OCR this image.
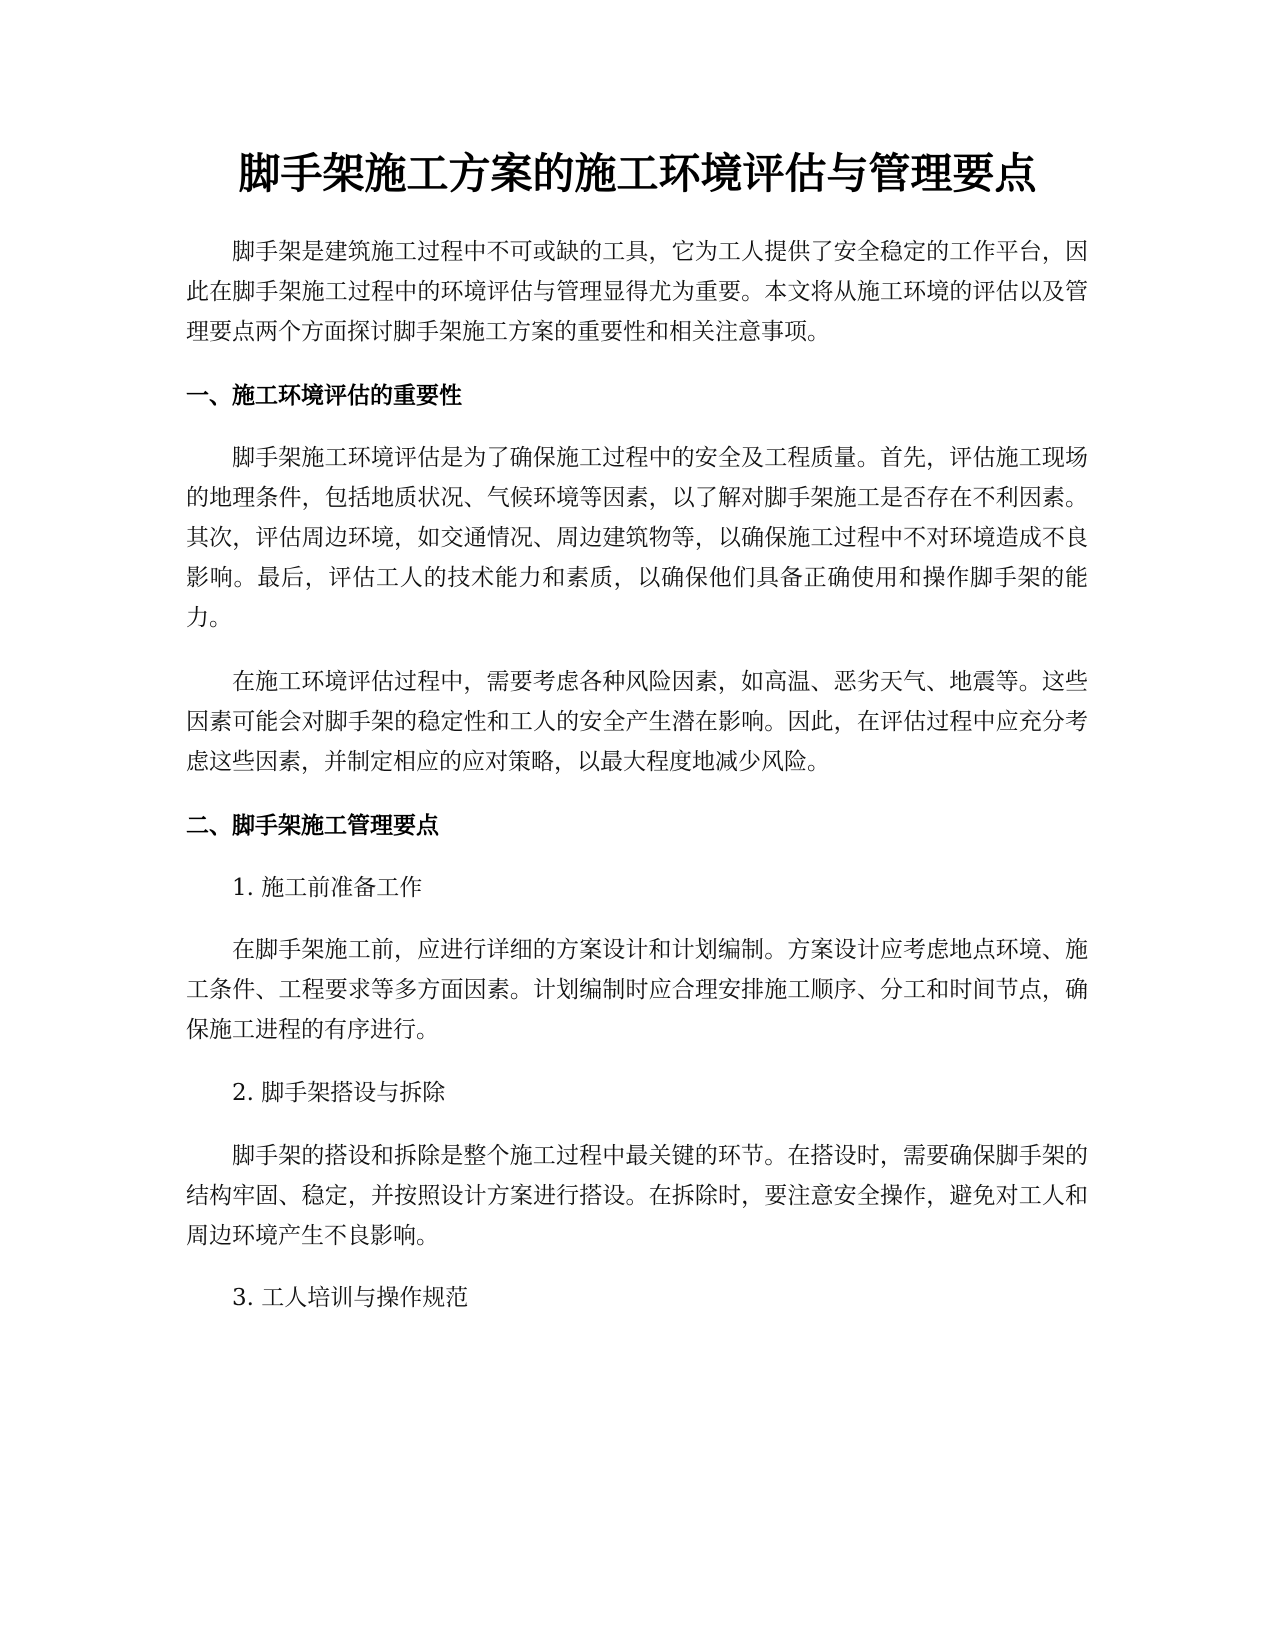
脚手架施工方案的施工环境评估与管理要点

脚手架是建筑施工过程中不可或缺的工具，它为工人提供了安全稳定的工作平台，因此在脚手架施工过程中的环境评估与管理显得尤为重要。本文将从施工环境的评估以及管理要点两个方面探讨脚手架施工方案的重要性和相关注意事项。

一、施工环境评估的重要性

脚手架施工环境评估是为了确保施工过程中的安全及工程质量。首先，评估施工现场的地理条件，包括地质状况、气候环境等因素，以了解对脚手架施工是否存在不利因素。其次，评估周边环境，如交通情况、周边建筑物等，以确保施工过程中不对环境造成不良影响。最后，评估工人的技术能力和素质，以确保他们具备正确使用和操作脚手架的能力。

在施工环境评估过程中，需要考虑各种风险因素，如高温、恶劣天气、地震等。这些因素可能会对脚手架的稳定性和工人的安全产生潜在影响。因此，在评估过程中应充分考虑这些因素，并制定相应的应对策略，以最大程度地减少风险。

二、脚手架施工管理要点

1. 施工前准备工作

在脚手架施工前，应进行详细的方案设计和计划编制。方案设计应考虑地点环境、施工条件、工程要求等多方面因素。计划编制时应合理安排施工顺序、分工和时间节点，确保施工进程的有序进行。

2. 脚手架搭设与拆除

脚手架的搭设和拆除是整个施工过程中最关键的环节。在搭设时，需要确保脚手架的结构牢固、稳定，并按照设计方案进行搭设。在拆除时，要注意安全操作，避免对工人和周边环境产生不良影响。

3. 工人培训与操作规范
